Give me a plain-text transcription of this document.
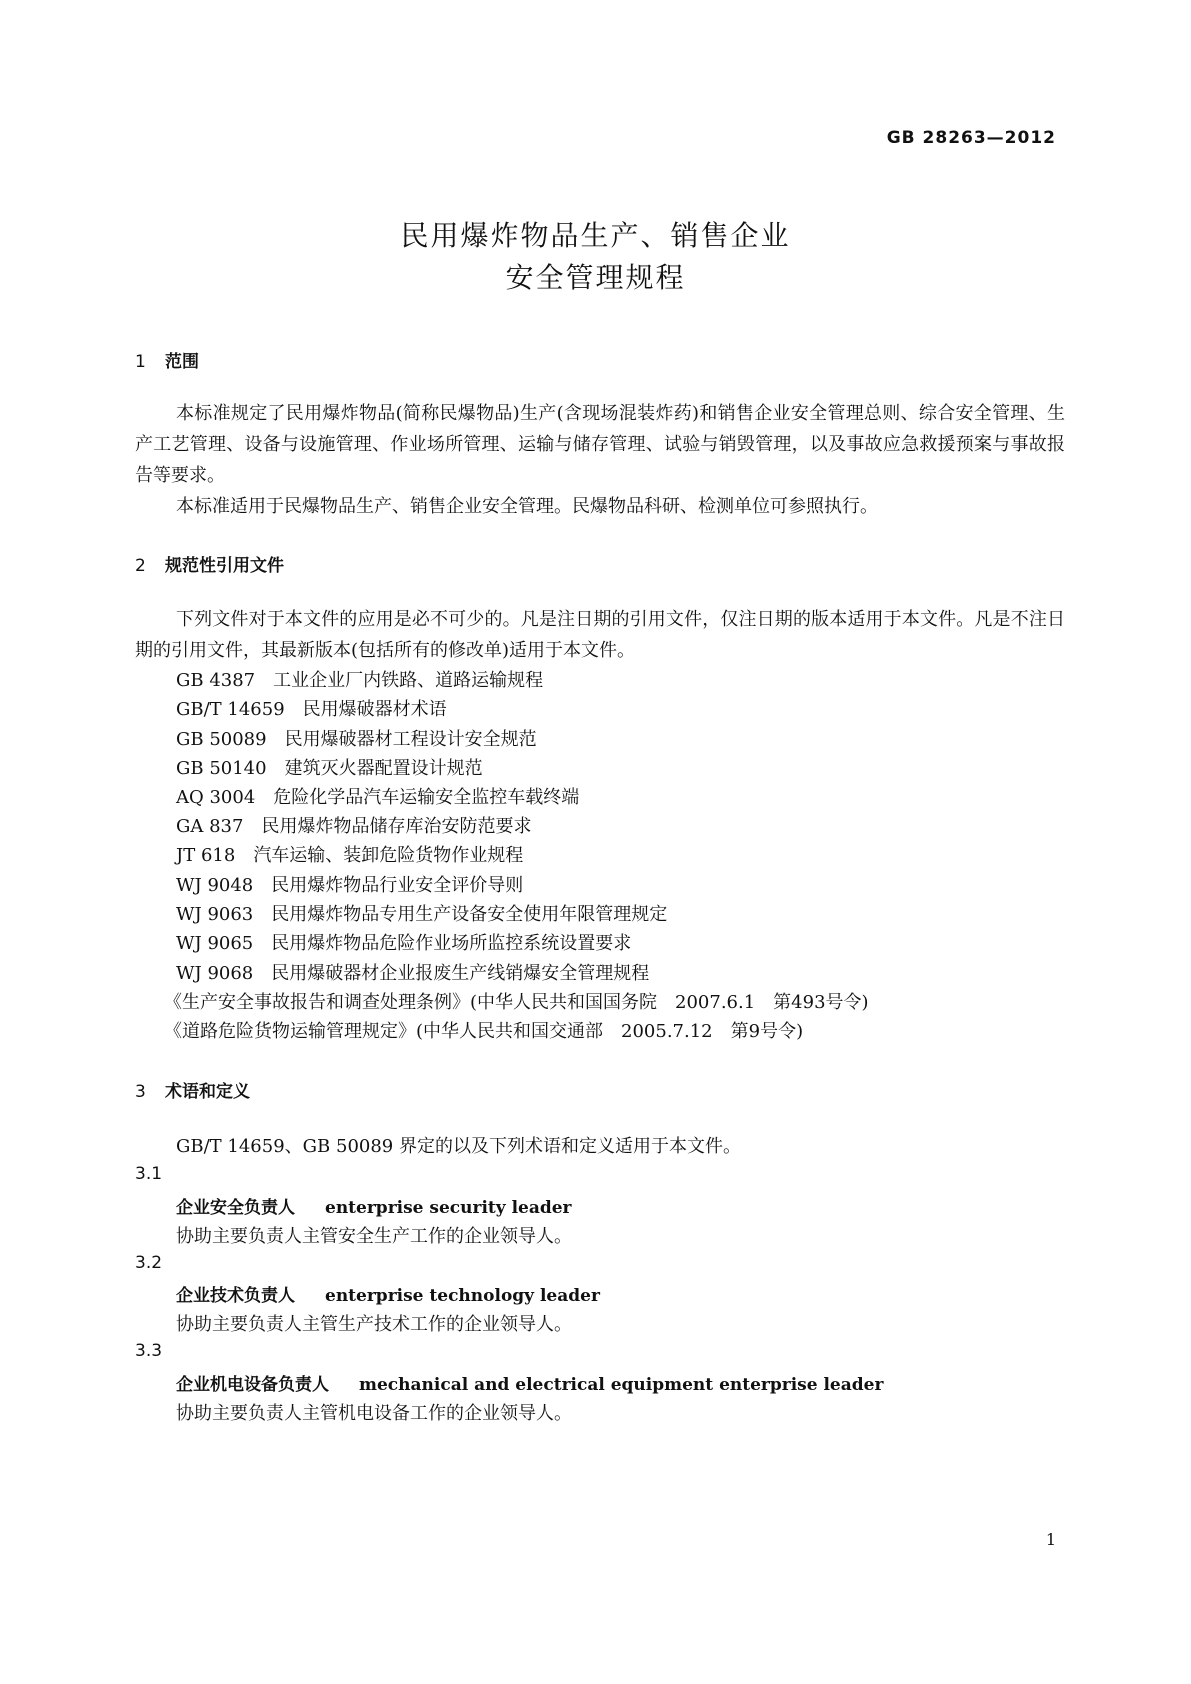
GB 28263—2012
民用爆炸物品生产、销售企业
安全管理规程
1 范围
本标准规定了民用爆炸物品(简称民爆物品)生产(含现场混装炸药)和销售企业安全管理总则、综合安全管理、生产工艺管理、设备与设施管理、作业场所管理、运输与储存管理、试验与销毁管理，以及事故应急救援预案与事故报告等要求。
本标准适用于民爆物品生产、销售企业安全管理。民爆物品科研、检测单位可参照执行。
2 规范性引用文件
下列文件对于本文件的应用是必不可少的。凡是注日期的引用文件，仅注日期的版本适用于本文件。凡是不注日期的引用文件，其最新版本(包括所有的修改单)适用于本文件。
GB 4387 工业企业厂内铁路、道路运输规程
GB/T 14659 民用爆破器材术语
GB 50089 民用爆破器材工程设计安全规范
GB 50140 建筑灭火器配置设计规范
AQ 3004 危险化学品汽车运输安全监控车载终端
GA 837 民用爆炸物品储存库治安防范要求
JT 618 汽车运输、装卸危险货物作业规程
WJ 9048 民用爆炸物品行业安全评价导则
WJ 9063 民用爆炸物品专用生产设备安全使用年限管理规定
WJ 9065 民用爆炸物品危险作业场所监控系统设置要求
WJ 9068 民用爆破器材企业报废生产线销爆安全管理规程
《生产安全事故报告和调查处理条例》(中华人民共和国国务院　2007.6.1　第493号令)
《道路危险货物运输管理规定》(中华人民共和国交通部　2005.7.12　第9号令)
3 术语和定义
GB/T 14659、GB 50089 界定的以及下列术语和定义适用于本文件。
3.1
企业安全负责人 enterprise security leader
协助主要负责人主管安全生产工作的企业领导人。
3.2
企业技术负责人 enterprise technology leader
协助主要负责人主管生产技术工作的企业领导人。
3.3
企业机电设备负责人 mechanical and electrical equipment enterprise leader
协助主要负责人主管机电设备工作的企业领导人。
1
